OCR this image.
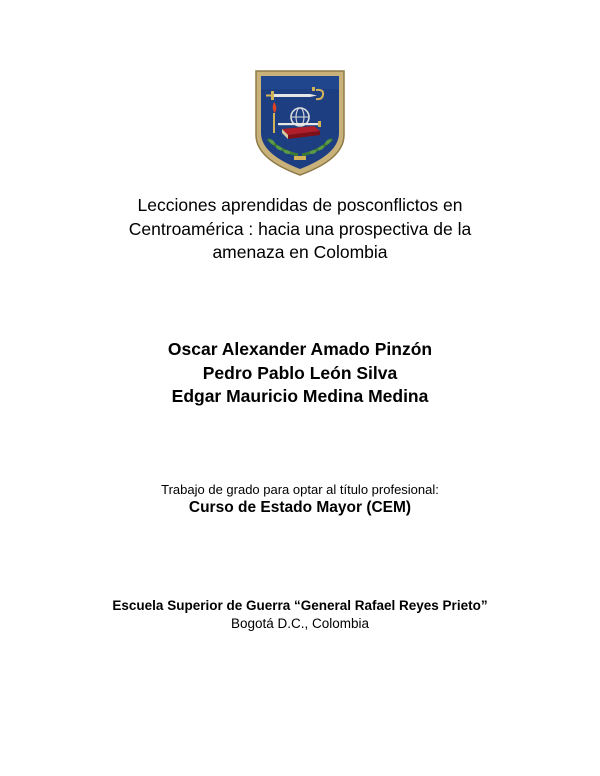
Lecciones aprendidas de posconflictos en
Centroamérica : hacia una prospectiva de la
amenaza en Colombia
Oscar Alexander Amado Pinzón
Pedro Pablo León Silva
Edgar Mauricio Medina Medina
Trabajo de grado para optar al título profesional:
Curso de Estado Mayor (CEM)
Escuela Superior de Guerra “General Rafael Reyes Prieto”
Bogotá D.C., Colombia
